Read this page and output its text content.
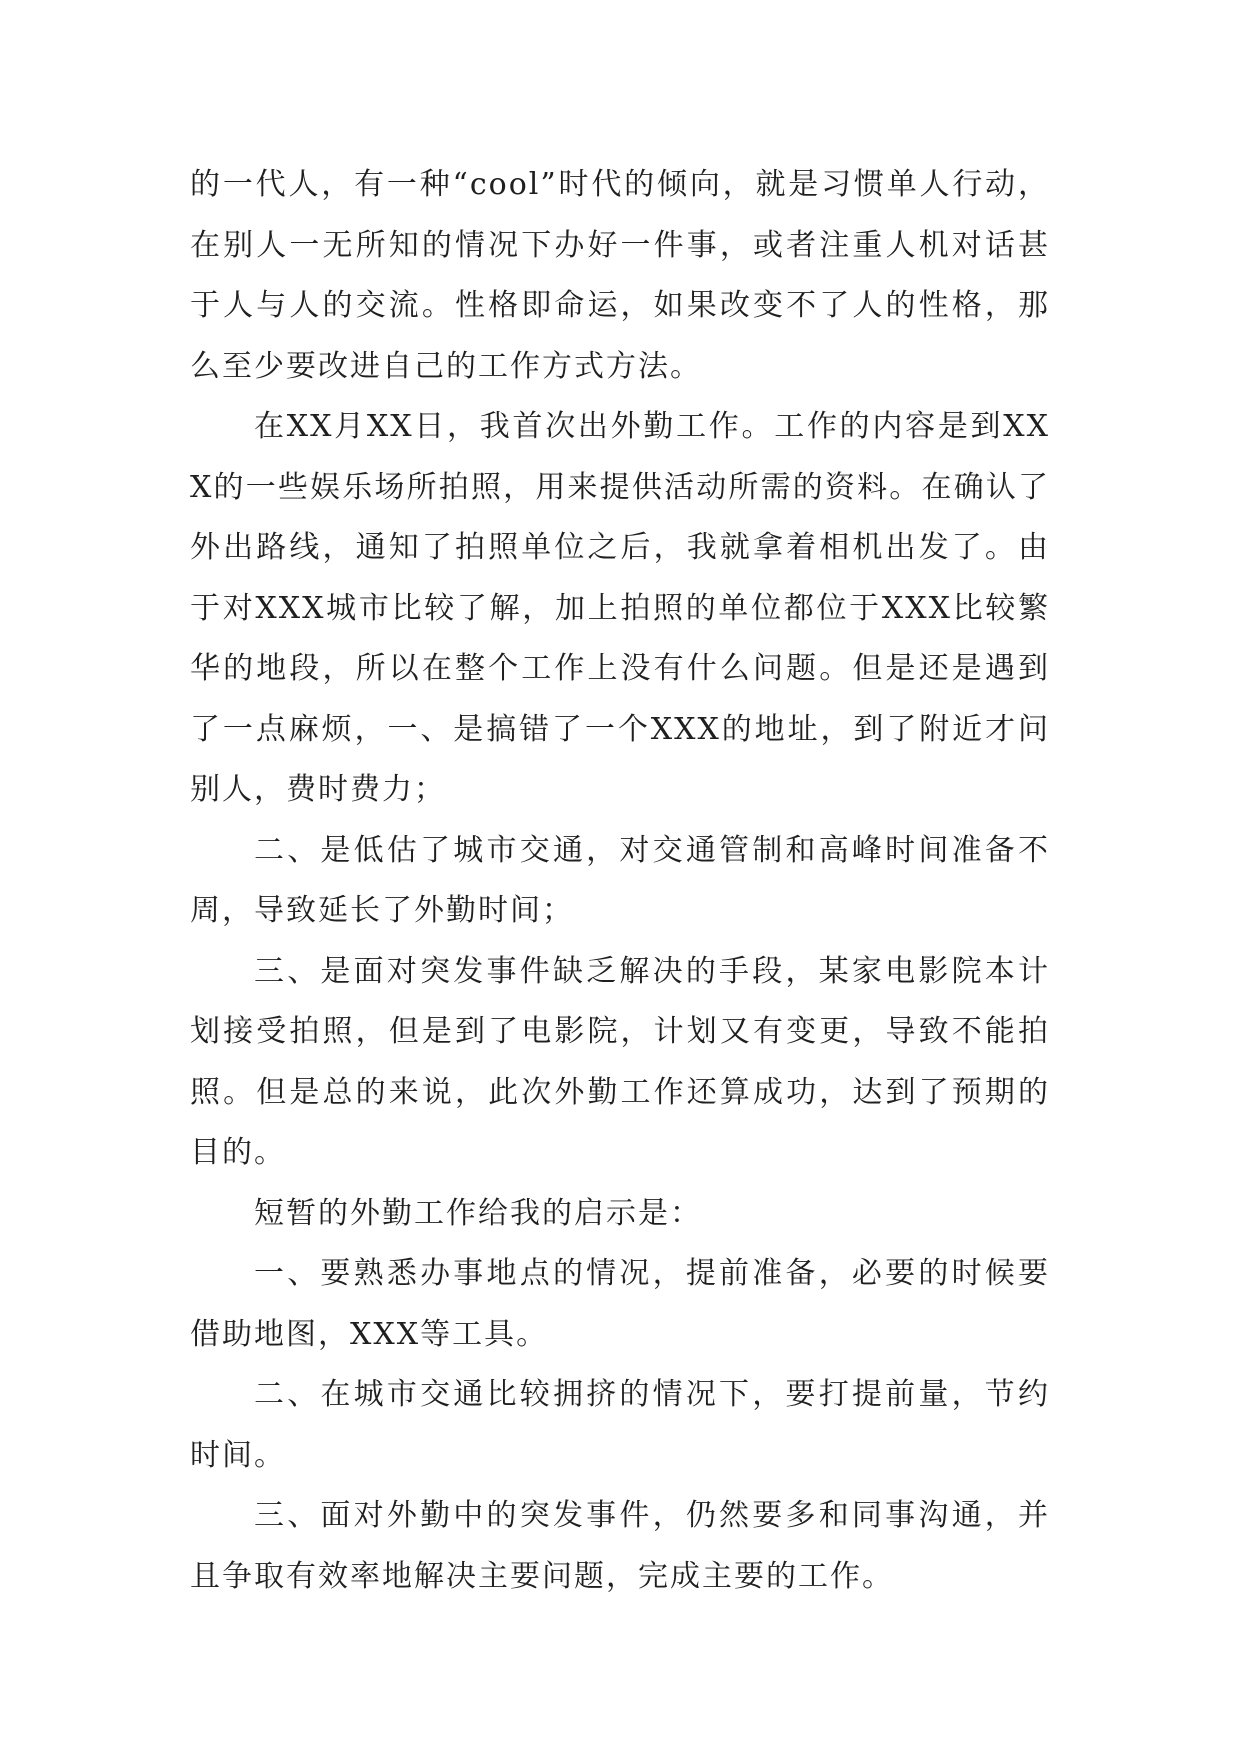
的一代人，有一种“cool”时代的倾向，就是习惯单人行动，在别人一无所知的情况下办好一件事，或者注重人机对话甚于人与人的交流。性格即命运，如果改变不了人的性格，那么至少要改进自己的工作方式方法。

在XX月XX日，我首次出外勤工作。工作的内容是到XXX的一些娱乐场所拍照，用来提供活动所需的资料。在确认了外出路线，通知了拍照单位之后，我就拿着相机出发了。由于对XXX城市比较了解，加上拍照的单位都位于XXX比较繁华的地段，所以在整个工作上没有什么问题。但是还是遇到了一点麻烦，一、是搞错了一个XXX的地址，到了附近才问别人，费时费力；

二、是低估了城市交通，对交通管制和高峰时间准备不周，导致延长了外勤时间；

三、是面对突发事件缺乏解决的手段，某家电影院本计划接受拍照，但是到了电影院，计划又有变更，导致不能拍照。但是总的来说，此次外勤工作还算成功，达到了预期的目的。

短暂的外勤工作给我的启示是：

一、要熟悉办事地点的情况，提前准备，必要的时候要借助地图，XXX等工具。

二、在城市交通比较拥挤的情况下，要打提前量，节约时间。

三、面对外勤中的突发事件，仍然要多和同事沟通，并且争取有效率地解决主要问题，完成主要的工作。
